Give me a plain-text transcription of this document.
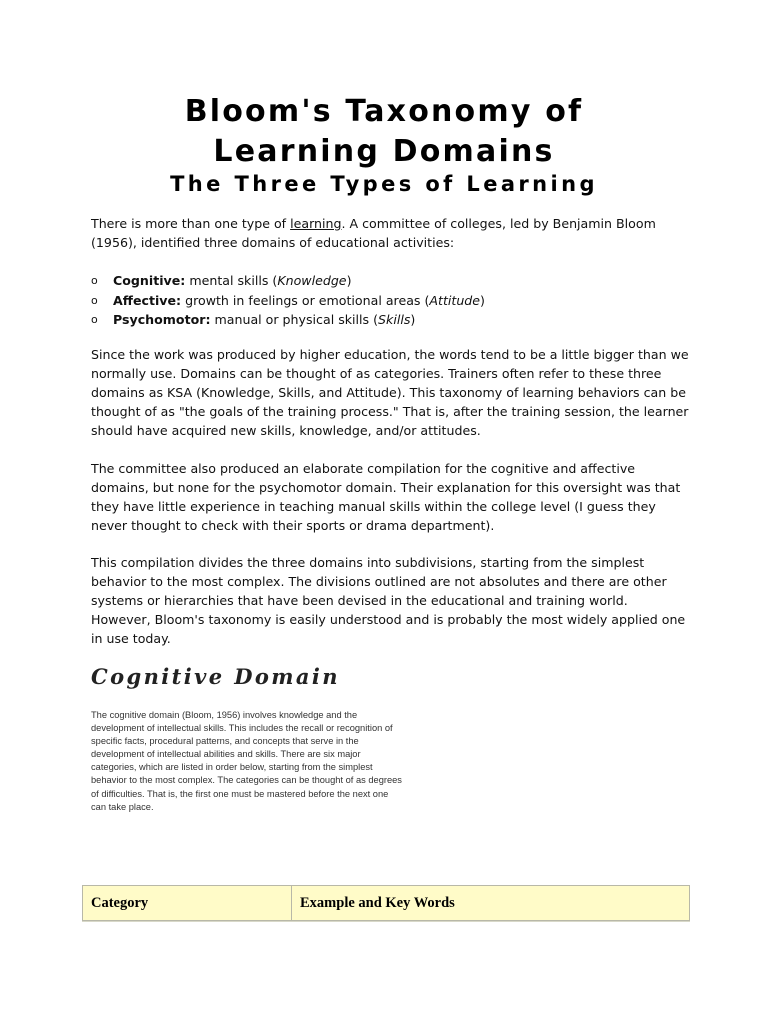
Bloom's Taxonomy of
Learning Domains
The Three Types of Learning

There is more than one type of learning. A committee of colleges, led by Benjamin Bloom (1956), identified three domains of educational activities:

o Cognitive: mental skills (Knowledge)
o Affective: growth in feelings or emotional areas (Attitude)
o Psychomotor: manual or physical skills (Skills)

Since the work was produced by higher education, the words tend to be a little bigger than we normally use. Domains can be thought of as categories. Trainers often refer to these three domains as KSA (Knowledge, Skills, and Attitude). This taxonomy of learning behaviors can be thought of as "the goals of the training process." That is, after the training session, the learner should have acquired new skills, knowledge, and/or attitudes.

The committee also produced an elaborate compilation for the cognitive and affective domains, but none for the psychomotor domain. Their explanation for this oversight was that they have little experience in teaching manual skills within the college level (I guess they never thought to check with their sports or drama department).

This compilation divides the three domains into subdivisions, starting from the simplest behavior to the most complex. The divisions outlined are not absolutes and there are other systems or hierarchies that have been devised in the educational and training world. However, Bloom's taxonomy is easily understood and is probably the most widely applied one in use today.

Cognitive Domain

The cognitive domain (Bloom, 1956) involves knowledge and the development of intellectual skills. This includes the recall or recognition of specific facts, procedural patterns, and concepts that serve in the development of intellectual abilities and skills. There are six major categories, which are listed in order below, starting from the simplest behavior to the most complex. The categories can be thought of as degrees of difficulties. That is, the first one must be mastered before the next one can take place.

Category	Example and Key Words
